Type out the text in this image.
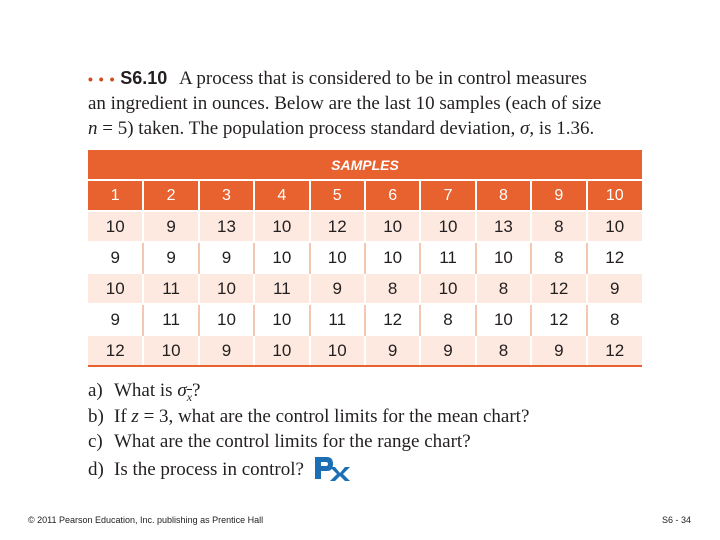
• • • S6.10 A process that is considered to be in control measures
an ingredient in ounces. Below are the last 10 samples (each of size
n = 5) taken. The population process standard deviation, σ, is 1.36.
SAMPLES									
1	2	3	4	5	6	7	8	9	10
10	9	13	10	12	10	10	13	8	10
9	9	9	10	10	10	11	10	8	12
10	11	10	11	9	8	10	8	12	9
9	11	10	10	11	12	8	10	12	8
12	10	9	10	10	9	9	8	9	12
a) What is $\sigma_{\overline{x}}$?
b) If z = 3, what are the control limits for the mean chart?
c) What are the control limits for the range chart?
d) Is the process in control?
© 2011 Pearson Education, Inc. publishing as Prentice Hall	S6 - 34
